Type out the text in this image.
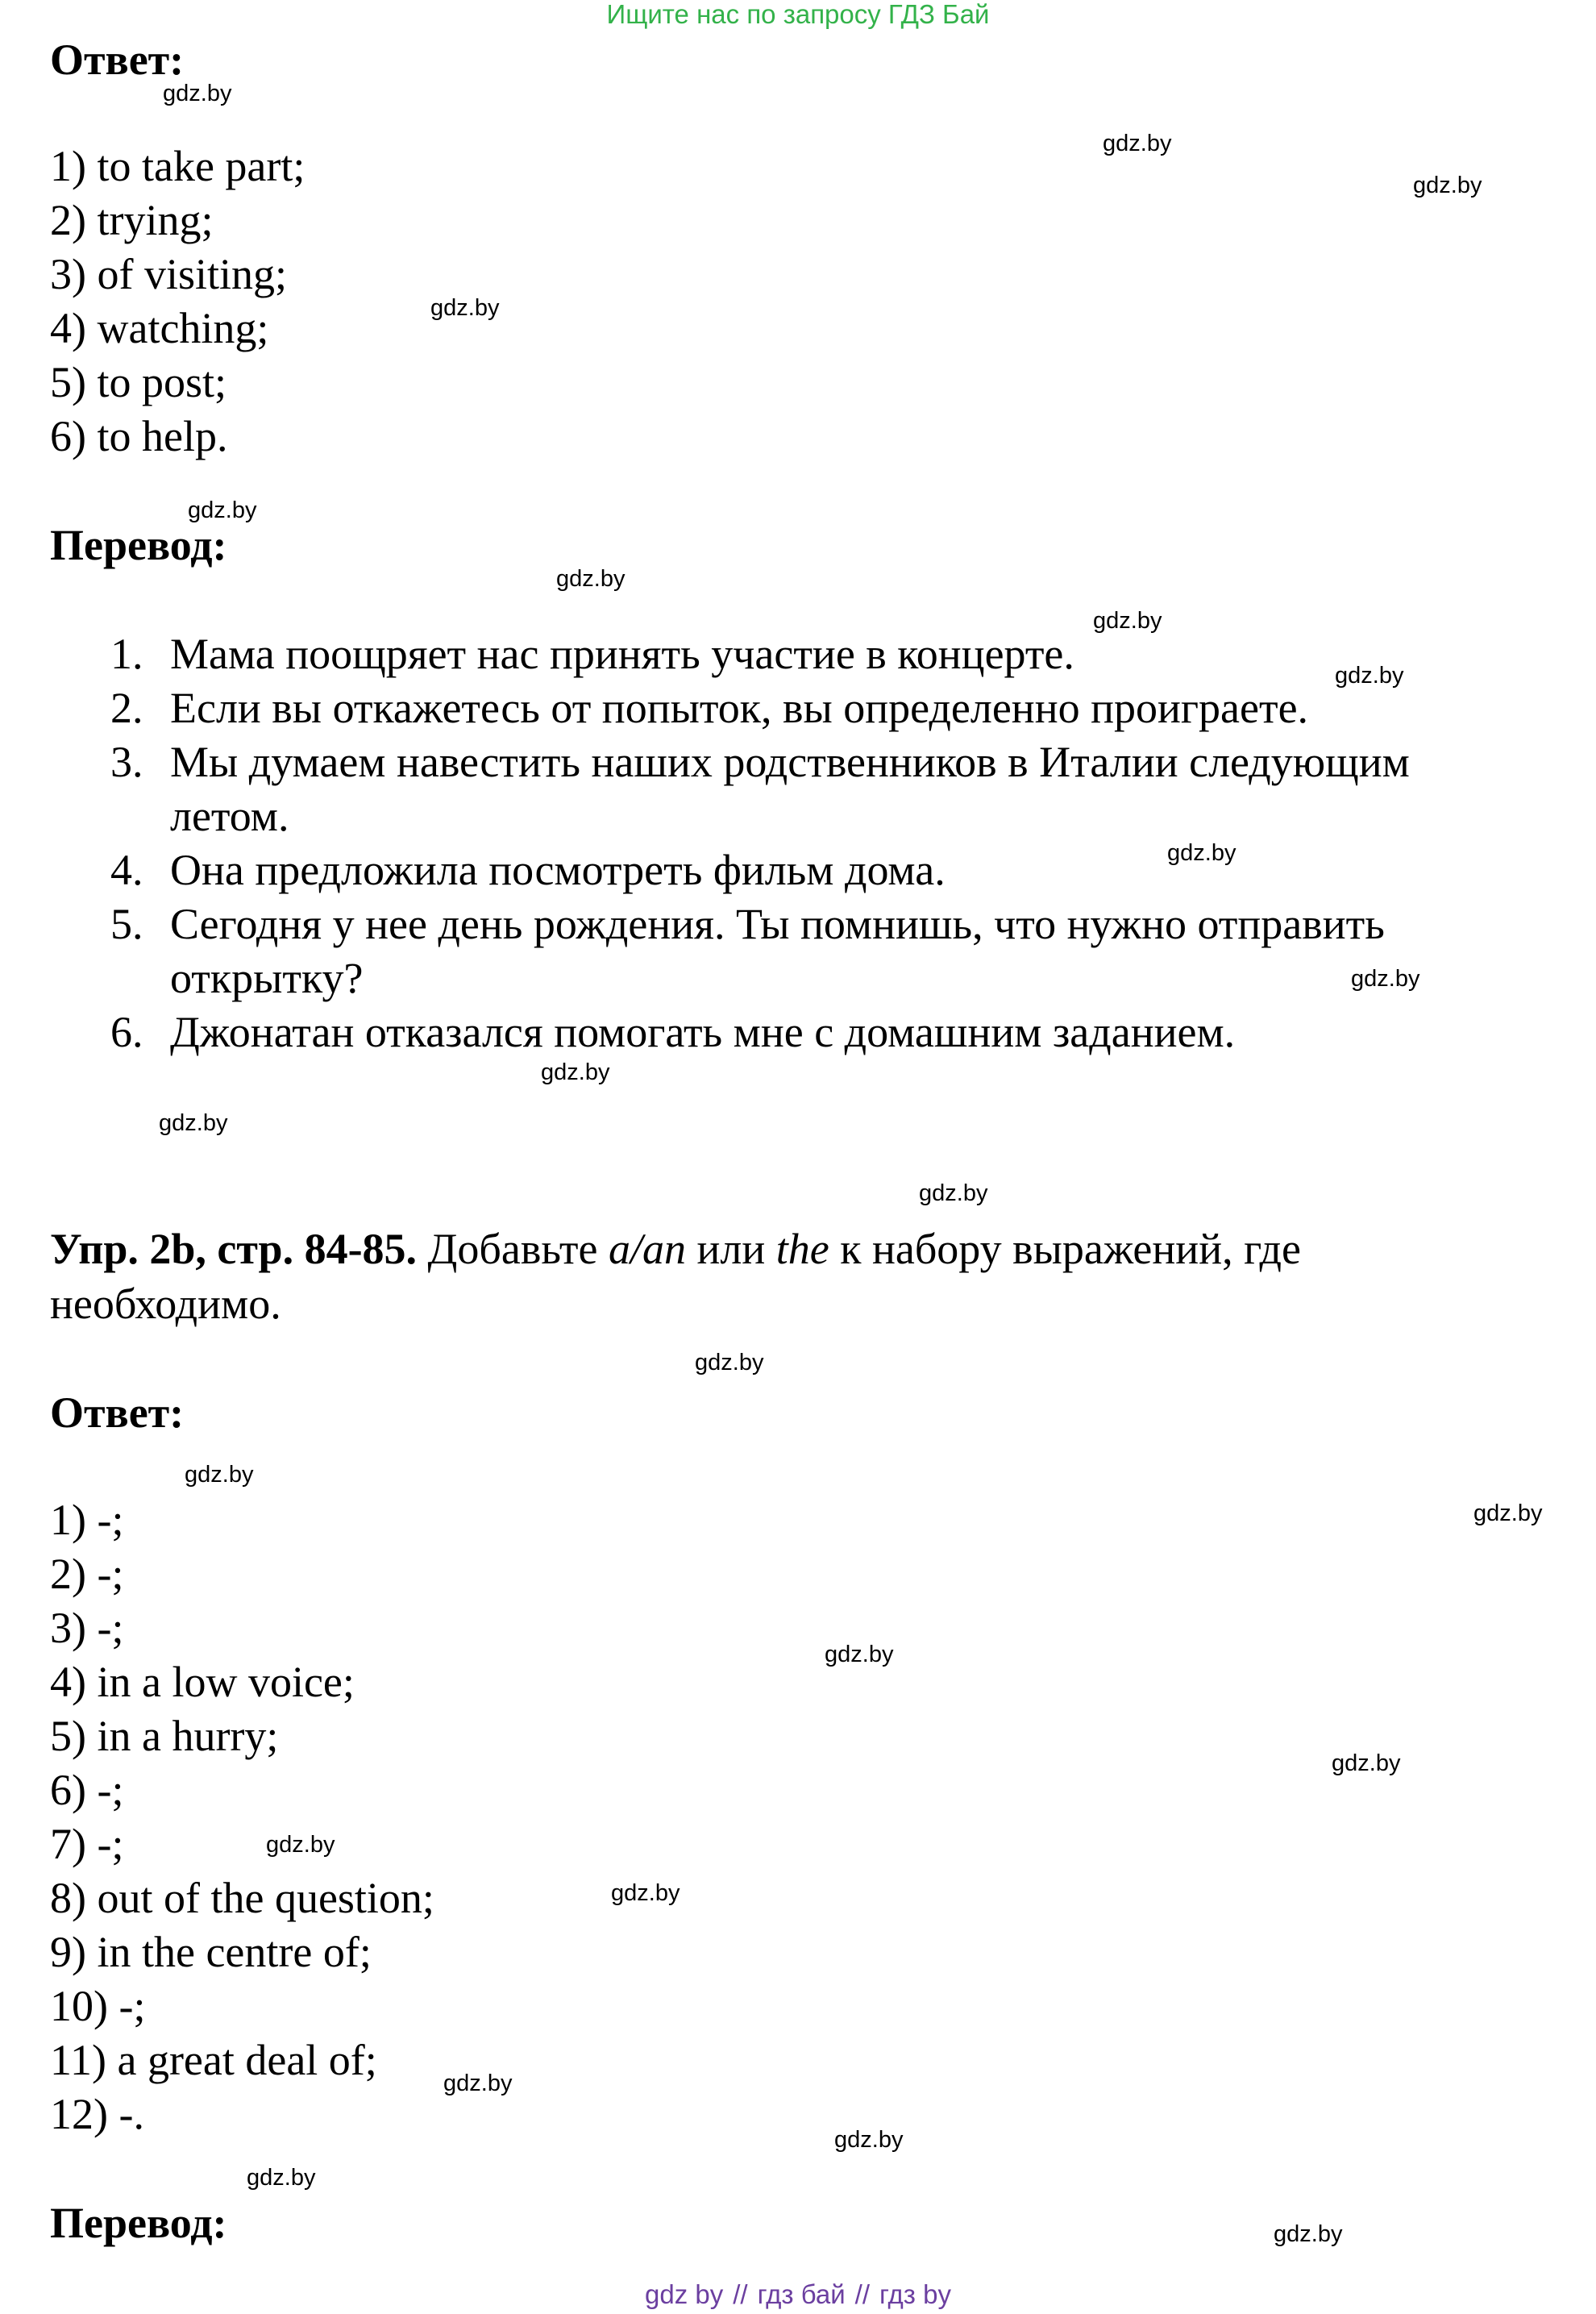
Ищите нас по запросу ГДЗ Бай
Ответ:
1) to take part;
2) trying;
3) of visiting;
4) watching;
5) to post;
6) to help.
Перевод:
1. Мама поощряет нас принять участие в концерте.
2. Если вы откажетесь от попыток, вы определенно проиграете.
3. Мы думаем навестить наших родственников в Италии следующим
летом.
4. Она предложила посмотреть фильм дома.
5. Сегодня у нее день рождения. Ты помнишь, что нужно отправить
открытку?
6. Джонатан отказался помогать мне с домашним заданием.
Упр. 2b, стр. 84-85. Добавьте a/an или the к набору выражений, где необходимо.
Ответ:
1) -;
2) -;
3) -;
4) in a low voice;
5) in a hurry;
6) -;
7) -;
8) out of the question;
9) in the centre of;
10) -;
11) a great deal of;
12) -.
Перевод:
gdz.by
gdz.by
gdz.by
gdz.by
gdz.by
gdz.by
gdz.by
gdz.by
gdz.by
gdz.by
gdz.by
gdz.by
gdz.by
gdz.by
gdz.by
gdz.by
gdz.by
gdz.by
gdz.by
gdz.by
gdz.by
gdz.by
gdz.by
gdz.by
gdz by // гдз бай // гдз by
